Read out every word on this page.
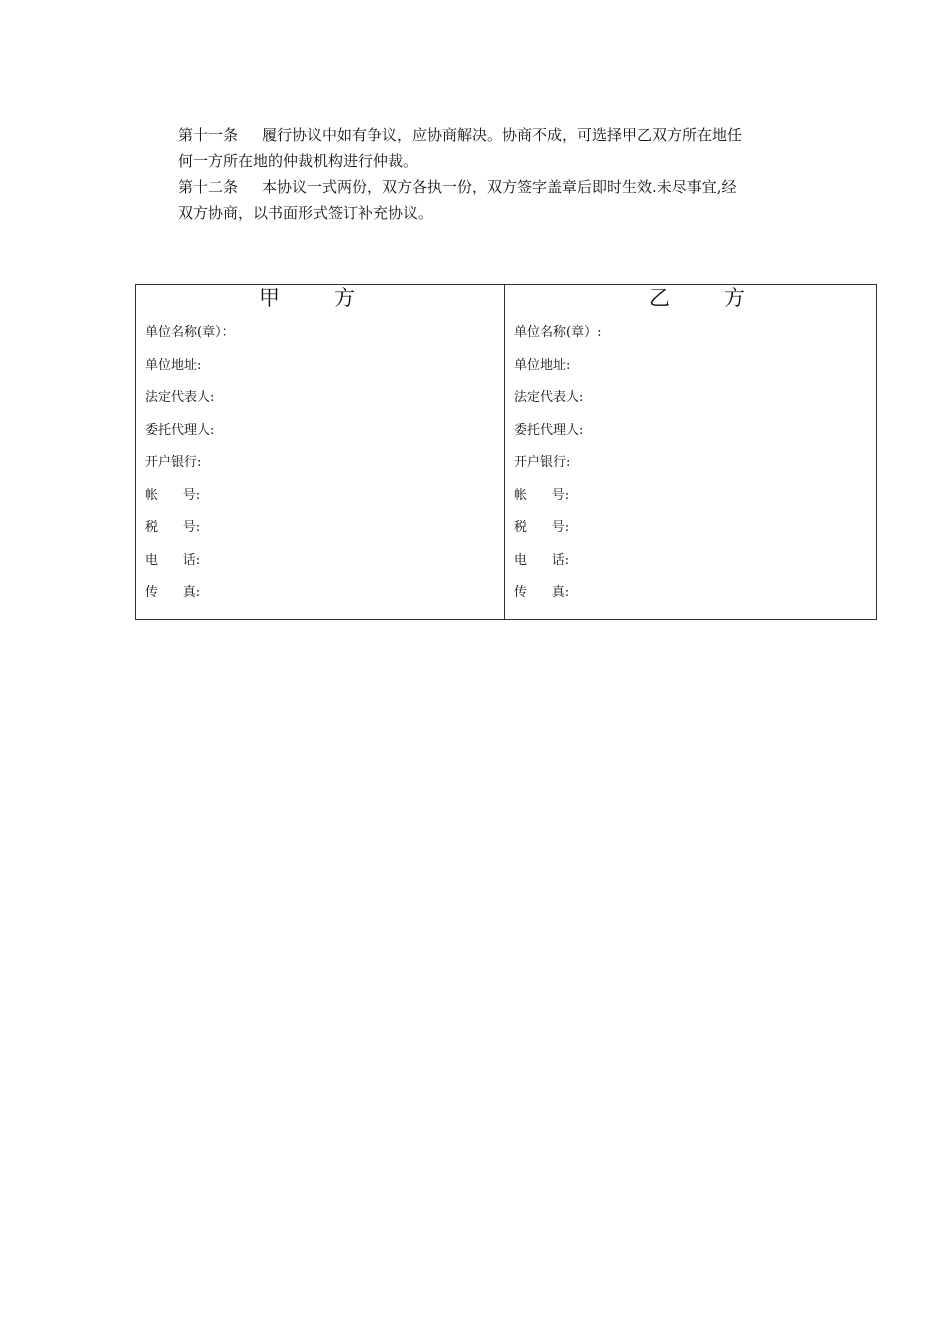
第十一条 履行协议中如有争议，应协商解决。协商不成，可选择甲乙双方所在地任

何一方所在地的仲裁机构进行仲裁。

第十二条 本协议一式两份，双方各执一份，双方签字盖章后即时生效.未尽事宜,经

双方协商，以书面形式签订补充协议。

甲	方
单位名称(章）：
单位地址:
法定代表人:
委托代理人:
开户银行:
帐      号:
税      号:
电      话:
传      真:
乙	方
单位名称(章）:
单位地址:
法定代表人:
委托代理人:
开户银行:
帐      号:
税      号:
电      话:
传      真:
